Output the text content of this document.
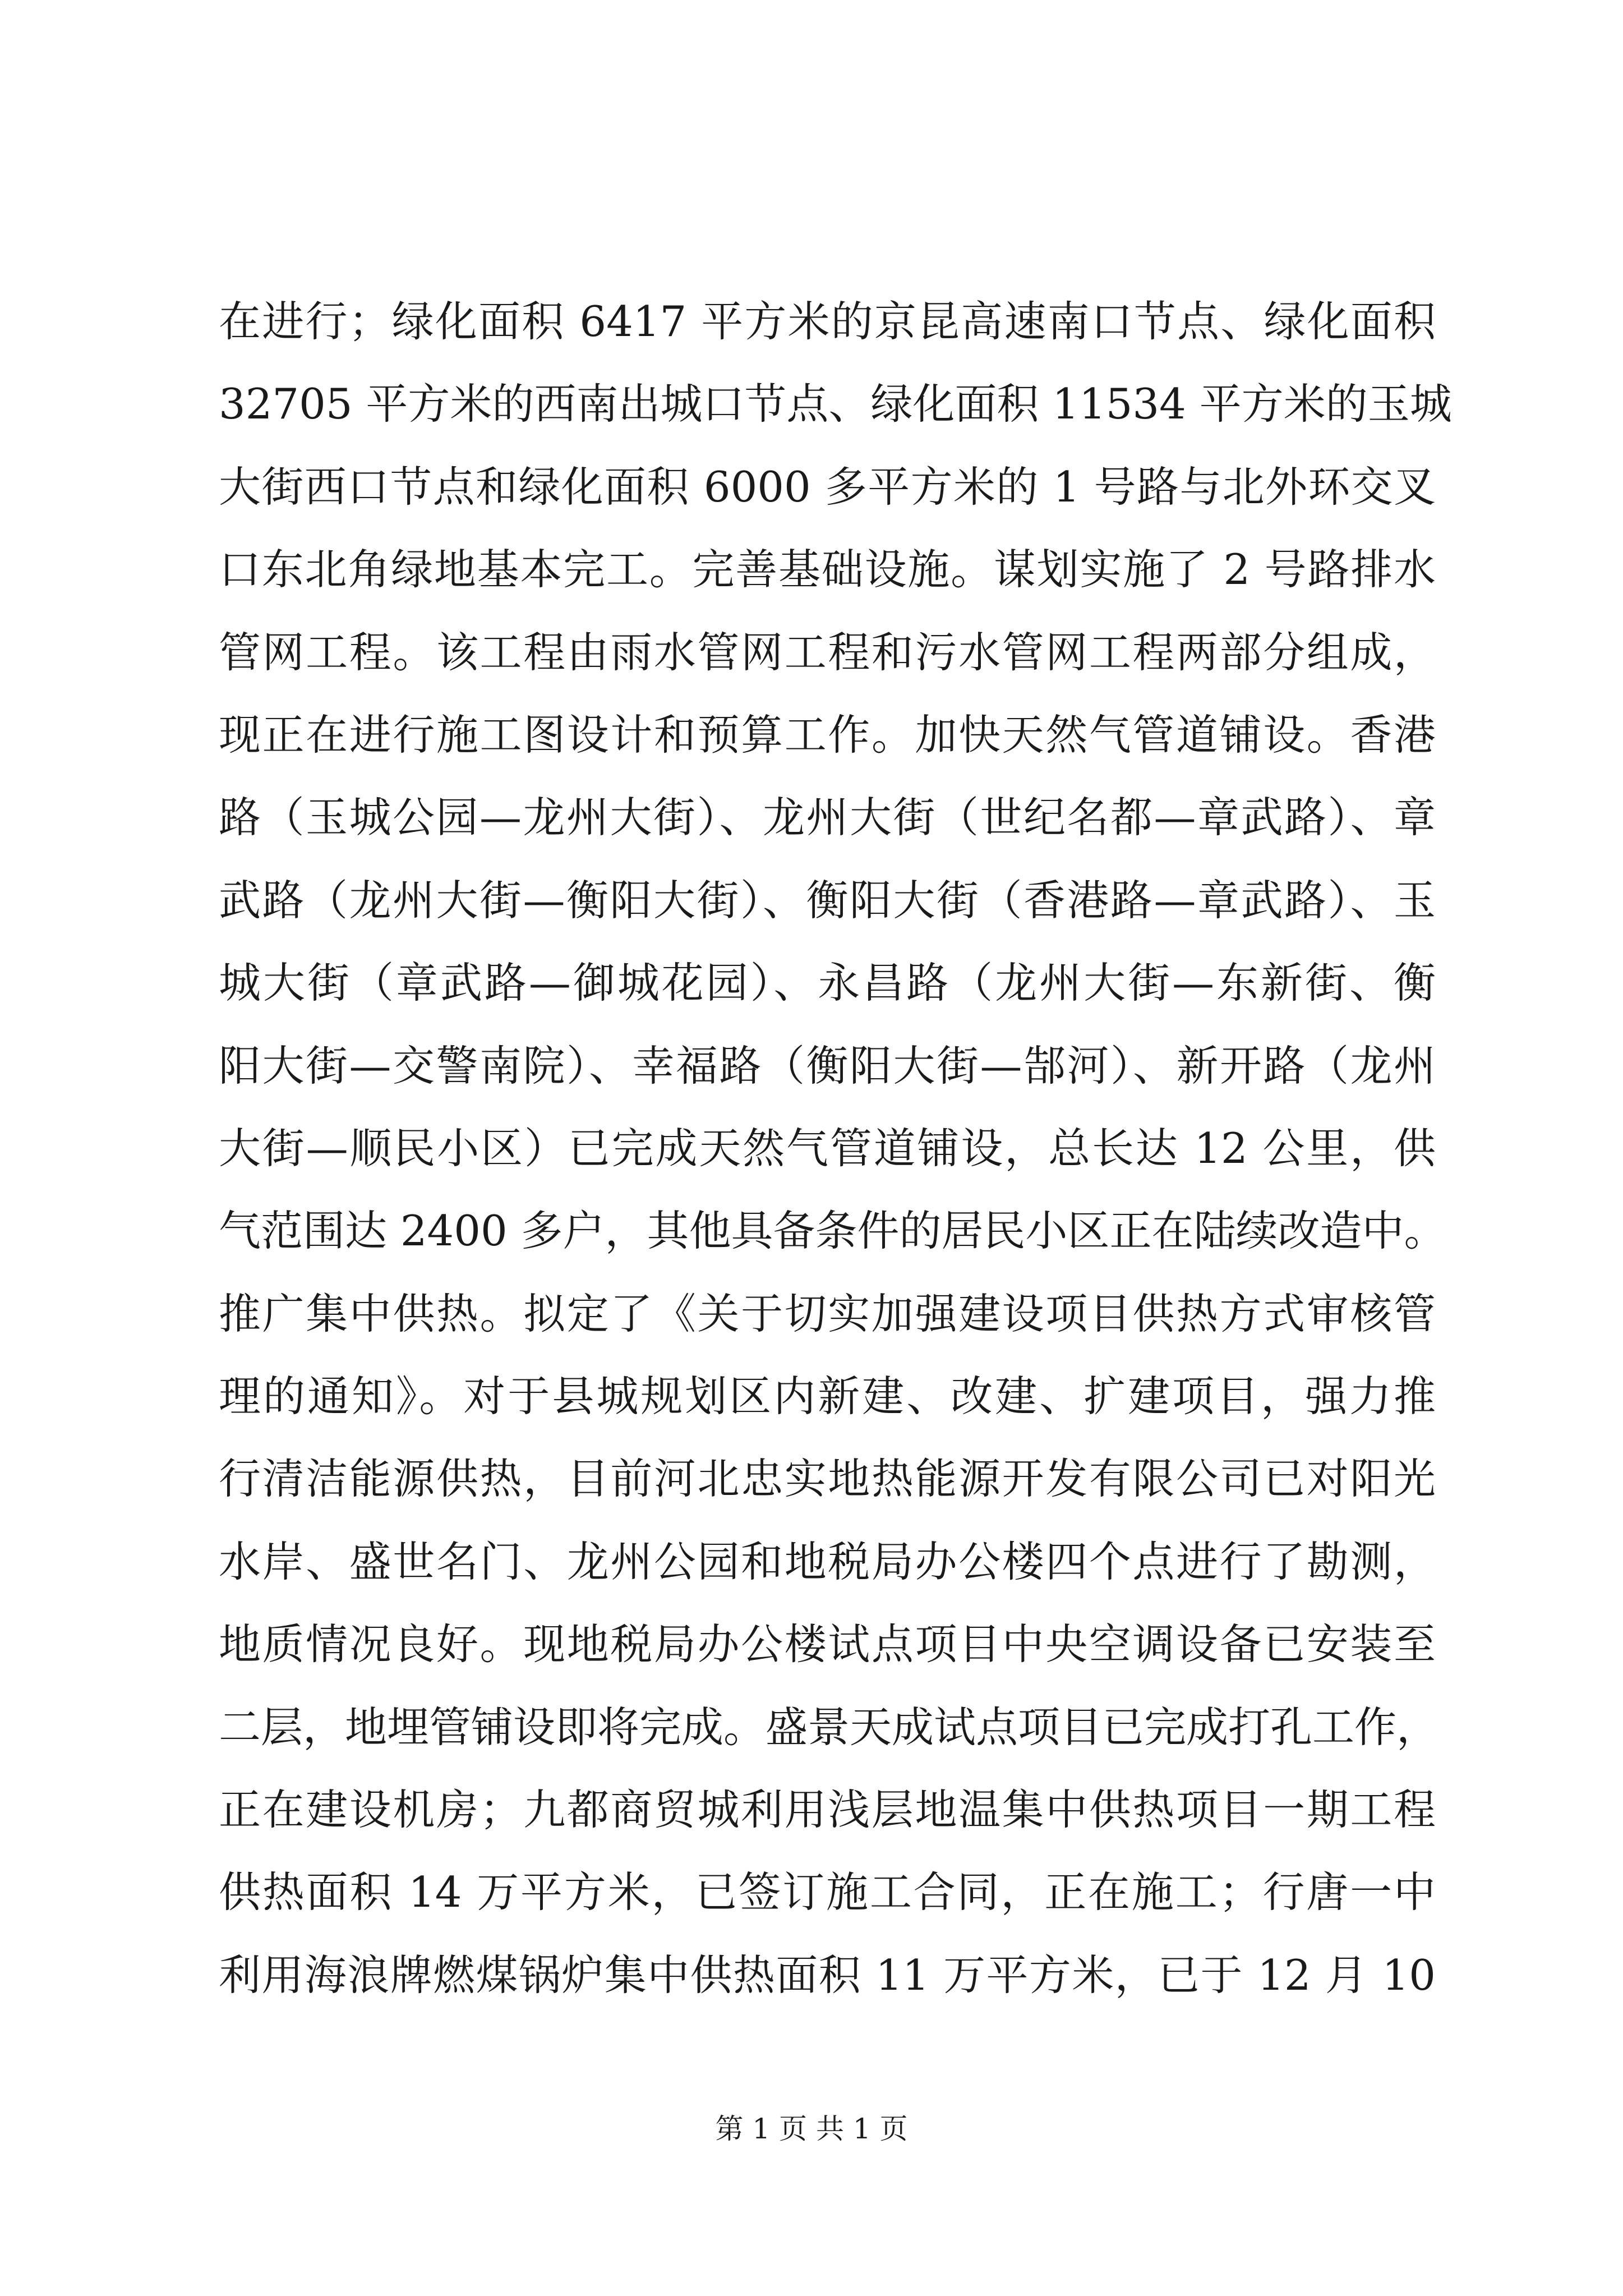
在进行；绿化面积 6417 平方米的京昆高速南口节点、绿化面积
32705 平方米的西南出城口节点、绿化面积 11534 平方米的玉城
大街西口节点和绿化面积 6000 多平方米的 1 号路与北外环交叉
口东北角绿地基本完工。完善基础设施。谋划实施了 2 号路排水
管网工程。该工程由雨水管网工程和污水管网工程两部分组成，
现正在进行施工图设计和预算工作。加快天然气管道铺设。香港
路（玉城公园—龙州大街）、龙州大街（世纪名都—章武路）、章
武路（龙州大街—衡阳大街）、衡阳大街（香港路—章武路）、玉
城大街（章武路—御城花园）、永昌路（龙州大街—东新街、衡
阳大街—交警南院）、幸福路（衡阳大街—郜河）、新开路（龙州
大街—顺民小区）已完成天然气管道铺设，总长达 12 公里，供
气范围达 2400 多户，其他具备条件的居民小区正在陆续改造中。
推广集中供热。拟定了《关于切实加强建设项目供热方式审核管
理的通知》。对于县城规划区内新建、改建、扩建项目，强力推
行清洁能源供热，目前河北忠实地热能源开发有限公司已对阳光
水岸、盛世名门、龙州公园和地税局办公楼四个点进行了勘测，
地质情况良好。现地税局办公楼试点项目中央空调设备已安装至
二层，地埋管铺设即将完成。盛景天成试点项目已完成打孔工作，
正在建设机房；九都商贸城利用浅层地温集中供热项目一期工程
供热面积 14 万平方米，已签订施工合同，正在施工；行唐一中
利用海浪牌燃煤锅炉集中供热面积 11 万平方米，已于 12 月 10
第 1 页 共 1 页
